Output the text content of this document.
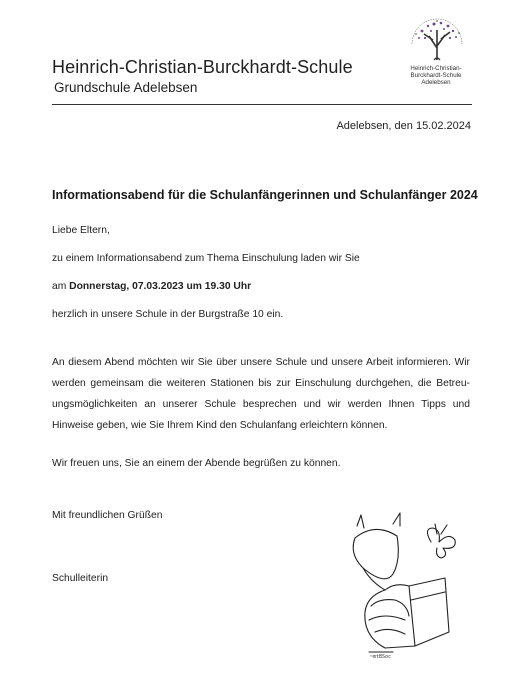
Heinrich-Christian-Burckhardt-Schule
Grundschule Adelebsen
Heinrich-Christian-
Burckhardt-Schule
Adelebsen
Adelebsen, den 15.02.2024
Informationsabend für die Schulanfängerinnen und Schulanfänger 2024
Liebe Eltern,
zu einem Informationsabend zum Thema Einschulung laden wir Sie
am Donnerstag, 07.03.2023 um 19.30 Uhr
herzlich in unsere Schule in der Burgstraße 10 ein.
An diesem Abend möchten wir Sie über unsere Schule und unsere Arbeit informieren. Wir werden gemeinsam die weiteren Stationen bis zur Einschulung durchgehen, die Betreu-ungsmöglichkeiten an unserer Schule besprechen und wir werden Ihnen Tipps und Hinweise geben, wie Sie Ihrem Kind den Schulanfang erleichtern können.
Wir freuen uns, Sie an einem der Abende begrüßen zu können.
Mit freundlichen Grüßen
Schulleiterin
~mtBSoc
